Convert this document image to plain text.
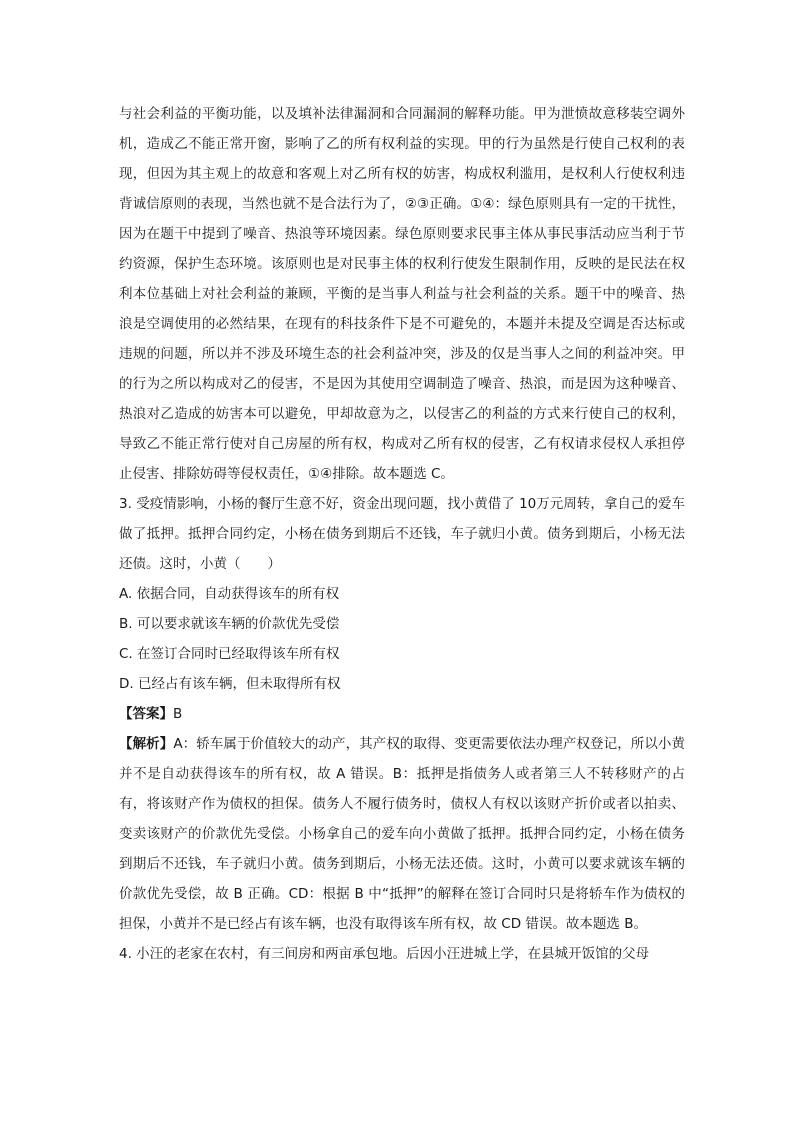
与社会利益的平衡功能，以及填补法律漏洞和合同漏洞的解释功能。甲为泄愤故意移装空调外机，造成乙不能正常开窗，影响了乙的所有权利益的实现。甲的行为虽然是行使自己权利的表现，但因为其主观上的故意和客观上对乙所有权的妨害，构成权利滥用，是权利人行使权利违背诚信原则的表现，当然也就不是合法行为了，②③正确。①④：绿色原则具有一定的干扰性，因为在题干中提到了噪音、热浪等环境因素。绿色原则要求民事主体从事民事活动应当利于节约资源，保护生态环境。该原则也是对民事主体的权利行使发生限制作用，反映的是民法在权利本位基础上对社会利益的兼顾，平衡的是当事人利益与社会利益的关系。题干中的噪音、热浪是空调使用的必然结果，在现有的科技条件下是不可避免的，本题并未提及空调是否达标或违规的问题，所以并不涉及环境生态的社会利益冲突，涉及的仅是当事人之间的利益冲突。甲的行为之所以构成对乙的侵害，不是因为其使用空调制造了噪音、热浪，而是因为这种噪音、热浪对乙造成的妨害本可以避免，甲却故意为之，以侵害乙的利益的方式来行使自己的权利，导致乙不能正常行使对自己房屋的所有权，构成对乙所有权的侵害，乙有权请求侵权人承担停止侵害、排除妨碍等侵权责任，①④排除。故本题选 C。

3. 受疫情影响，小杨的餐厅生意不好，资金出现问题，找小黄借了 10万元周转，拿自己的爱车做了抵押。抵押合同约定，小杨在债务到期后不还钱，车子就归小黄。债务到期后，小杨无法还债。这时，小黄（　　）

A. 依据合同，自动获得该车的所有权

B. 可以要求就该车辆的价款优先受偿

C. 在签订合同时已经取得该车所有权

D. 已经占有该车辆，但未取得所有权

【答案】B

【解析】A：轿车属于价值较大的动产，其产权的取得、变更需要依法办理产权登记，所以小黄并不是自动获得该车的所有权，故 A 错误。B：抵押是指债务人或者第三人不转移财产的占有，将该财产作为债权的担保。债务人不履行债务时，债权人有权以该财产折价或者以拍卖、变卖该财产的价款优先受偿。小杨拿自己的爱车向小黄做了抵押。抵押合同约定，小杨在债务到期后不还钱，车子就归小黄。债务到期后，小杨无法还债。这时，小黄可以要求就该车辆的价款优先受偿，故 B 正确。CD：根据 B 中“抵押”的解释在签订合同时只是将轿车作为债权的担保，小黄并不是已经占有该车辆，也没有取得该车所有权，故 CD 错误。故本题选 B。

4. 小汪的老家在农村，有三间房和两亩承包地。后因小汪进城上学，在县城开饭馆的父母
